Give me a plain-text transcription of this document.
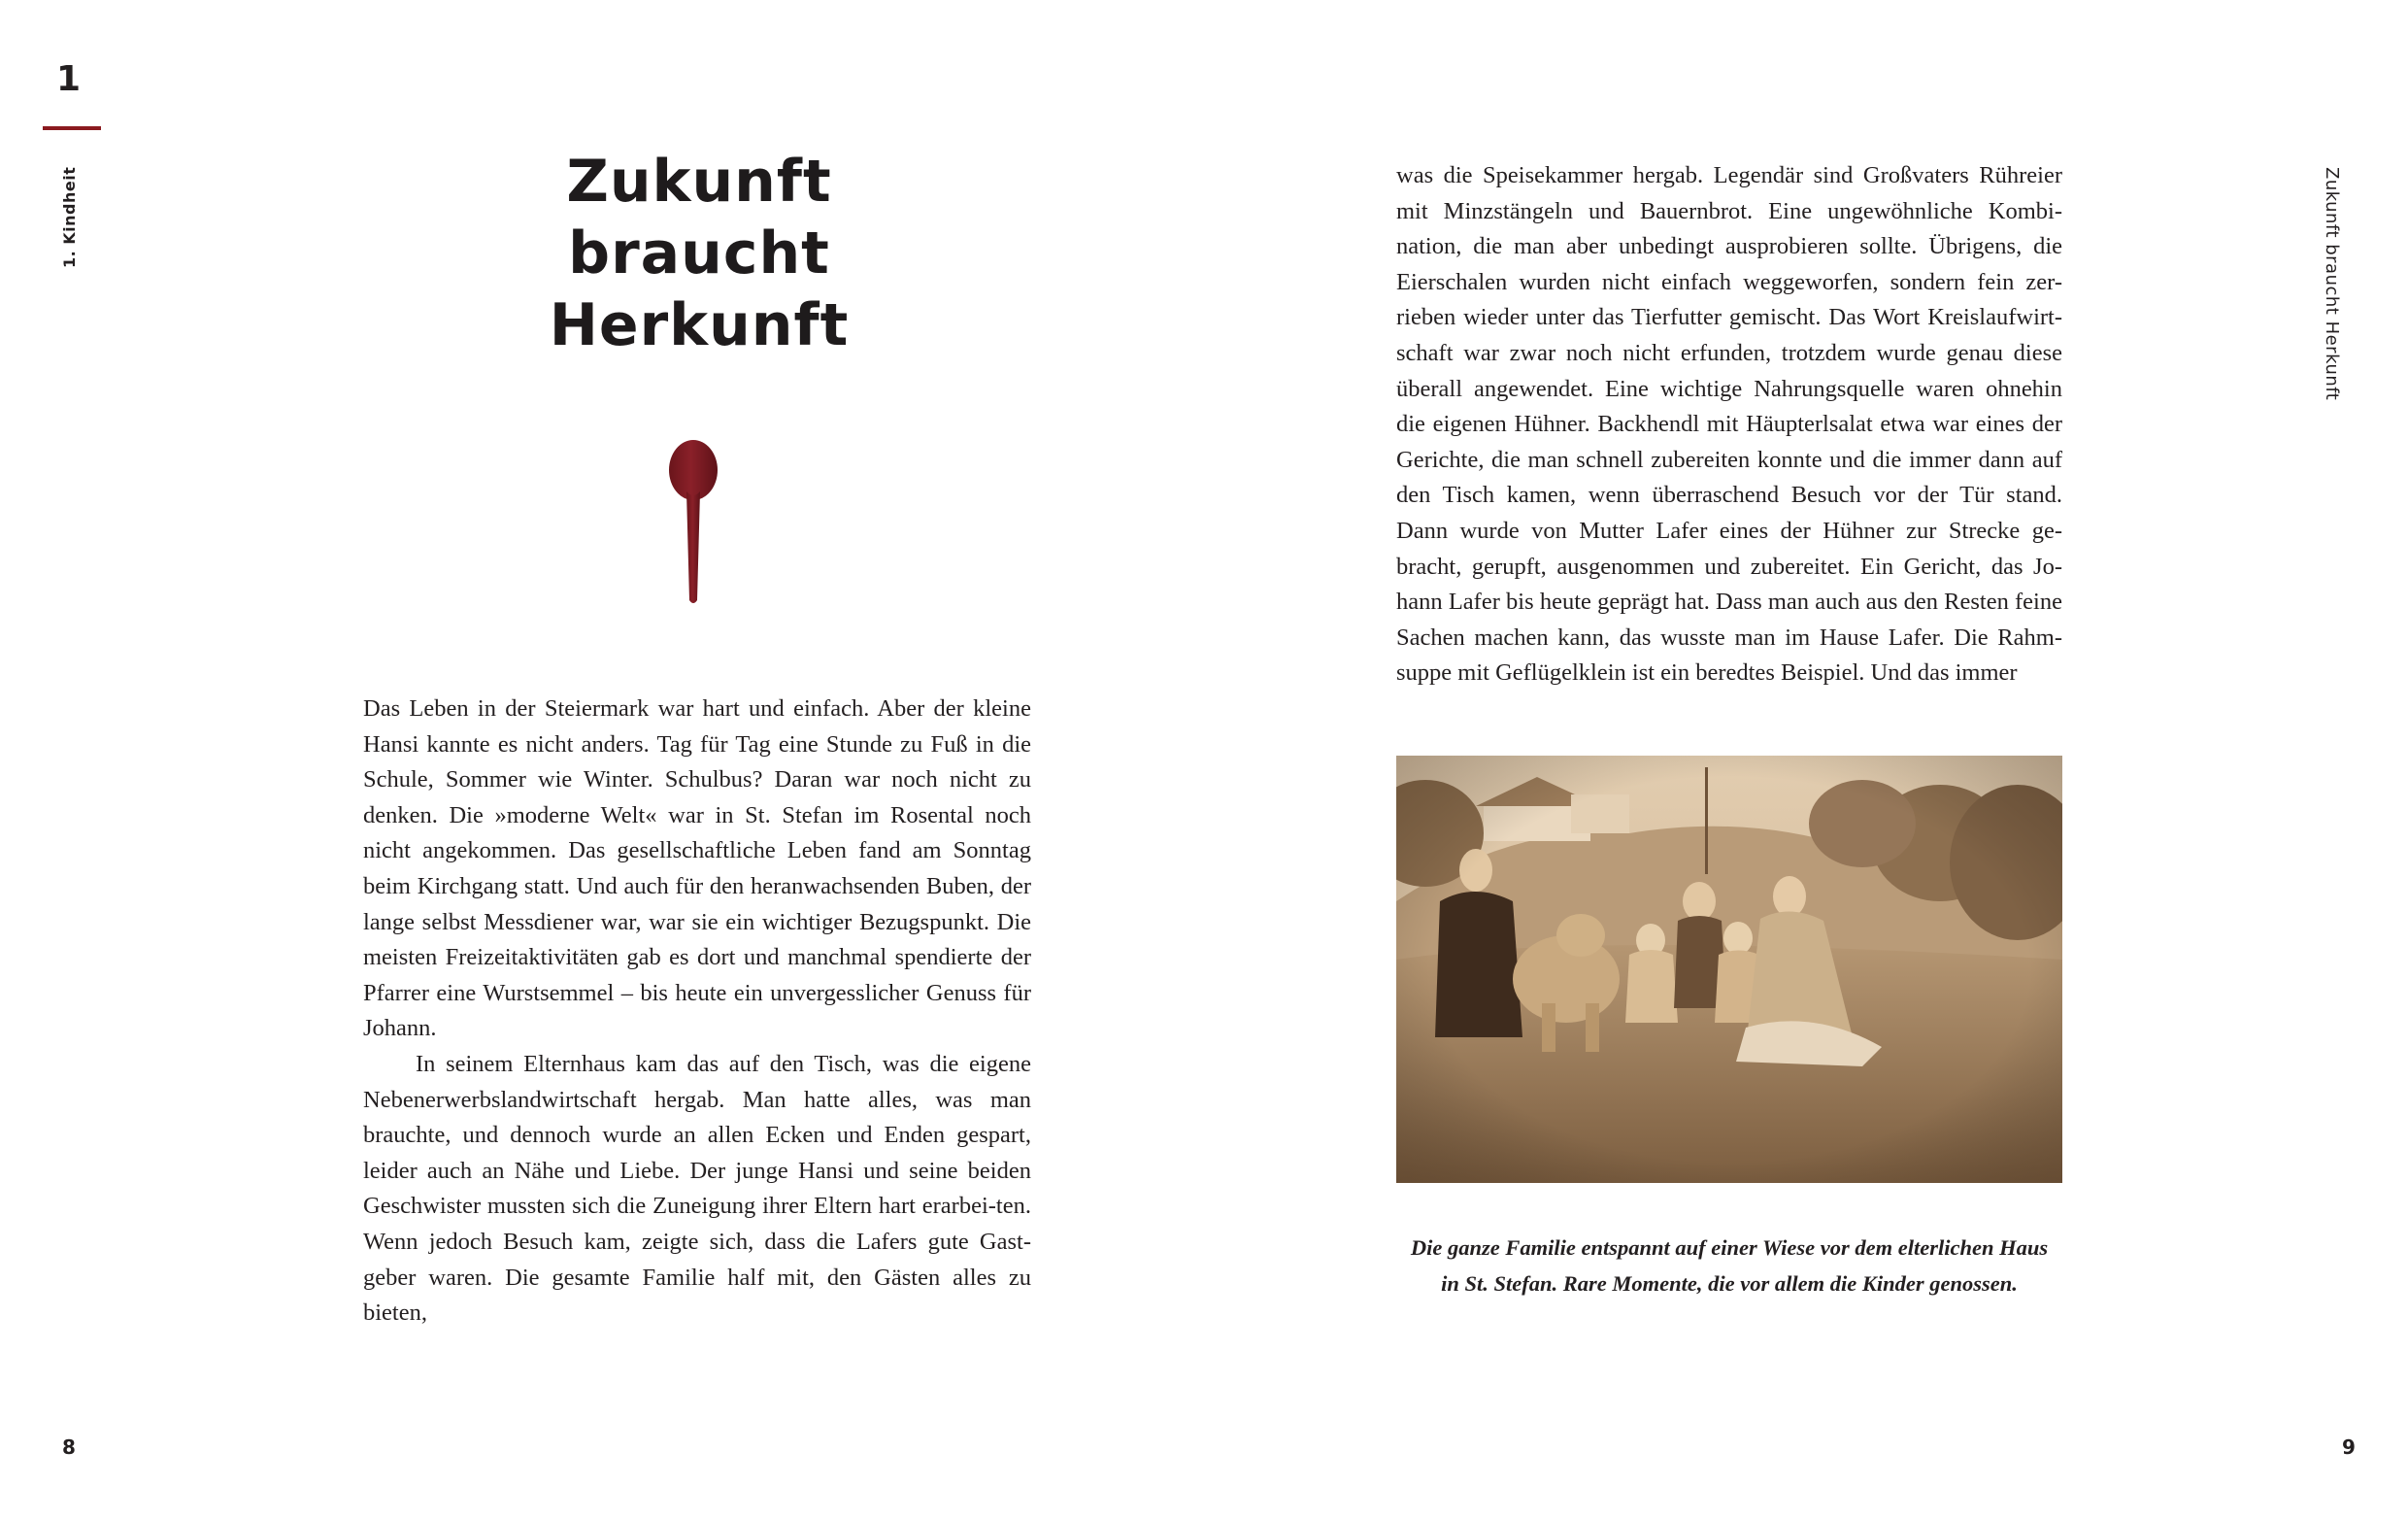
1
1. Kindheit	Zukunft braucht Herkunft
Zukunft
braucht
Herkunft

Das Leben in der Steiermark war hart und einfach. Aber der kleine Hansi kannte es nicht anders. Tag für Tag eine Stunde zu Fuß in die Schule, Sommer wie Winter. Schulbus? Daran war noch nicht zu denken. Die »moderne Welt« war in St. Stefan im Rosental noch nicht angekommen. Das gesellschaftliche Leben fand am Sonntag beim Kirchgang statt. Und auch für den heranwachsenden Buben, der lange selbst Messdiener war, war sie ein wichtiger Bezugspunkt. Die meisten Freizeitaktivitäten gab es dort und manchmal spendierte der Pfarrer eine Wurstsemmel – bis heute ein unvergesslicher Genuss für Johann.

In seinem Elternhaus kam das auf den Tisch, was die eigene Nebenerwerbslandwirtschaft hergab. Man hatte alles, was man brauchte, und dennoch wurde an allen Ecken und Enden gespart, leider auch an Nähe und Liebe. Der junge Hansi und seine beiden Geschwister mussten sich die Zuneigung ihrer Eltern hart erarbei-ten. Wenn jedoch Besuch kam, zeigte sich, dass die Lafers gute Gast-geber waren. Die gesamte Familie half mit, den Gästen alles zu bieten,

was die Speisekammer hergab. Legendär sind Großvaters Rühreier mit Minzstängeln und Bauernbrot. Eine ungewöhnliche Kombi-nation, die man aber unbedingt ausprobieren sollte. Übrigens, die Eierschalen wurden nicht einfach weggeworfen, sondern fein zer-rieben wieder unter das Tierfutter gemischt. Das Wort Kreislaufwirt-schaft war zwar noch nicht erfunden, trotzdem wurde genau diese überall angewendet. Eine wichtige Nahrungsquelle waren ohnehin die eigenen Hühner. Backhendl mit Häupterlsalat etwa war eines der Gerichte, die man schnell zubereiten konnte und die immer dann auf den Tisch kamen, wenn überraschend Besuch vor der Tür stand. Dann wurde von Mutter Lafer eines der Hühner zur Strecke ge-bracht, gerupft, ausgenommen und zubereitet. Ein Gericht, das Jo-hann Lafer bis heute geprägt hat. Dass man auch aus den Resten feine Sachen machen kann, das wusste man im Hause Lafer. Die Rahm-suppe mit Geflügelklein ist ein beredtes Beispiel. Und das immer

Die ganze Familie entspannt auf einer Wiese vor dem elterlichen Haus
in St. Stefan. Rare Momente, die vor allem die Kinder genossen.
8	9
